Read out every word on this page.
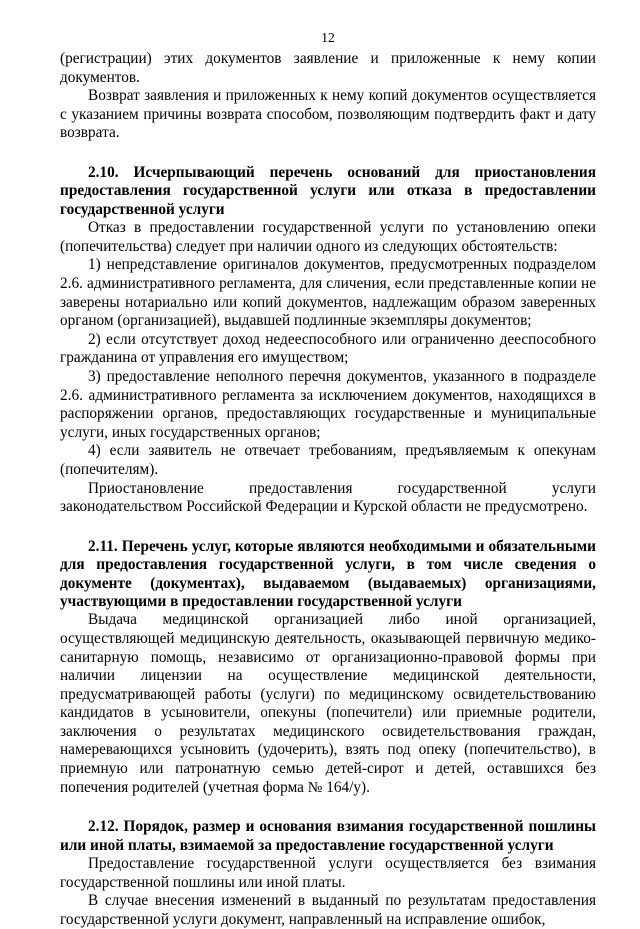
12

(регистрации) этих документов заявление и приложенные к нему копии документов.

Возврат заявления и приложенных к нему копий документов осуществляется с указанием причины возврата способом, позволяющим подтвердить факт и дату возврата.

2.10. Исчерпывающий перечень оснований для приостановления предоставления государственной услуги или отказа в предоставлении государственной услуги

Отказ в предоставлении государственной услуги по установлению опеки (попечительства) следует при наличии одного из следующих обстоятельств:

1) непредставление оригиналов документов, предусмотренных подразделом 2.6. административного регламента, для сличения, если представленные копии не заверены нотариально или копий документов, надлежащим образом заверенных органом (организацией), выдавшей подлинные экземпляры документов;

2) если отсутствует доход недееспособного или ограниченно дееспособного гражданина от управления его имуществом;

3) предоставление неполного перечня документов, указанного в подразделе 2.6. административного регламента за исключением документов, находящихся в распоряжении органов, предоставляющих государственные и муниципальные услуги, иных государственных органов;

4) если заявитель не отвечает требованиям, предъявляемым к опекунам (попечителям).

Приостановление предоставления государственной услуги

законодательством Российской Федерации и Курской области не предусмотрено.

2.11. Перечень услуг, которые являются необходимыми и обязательными для предоставления государственной услуги, в том числе сведения о документе (документах), выдаваемом (выдаваемых) организациями, участвующими в предоставлении государственной услуги

Выдача медицинской организацией либо иной организацией, осуществляющей медицинскую деятельность, оказывающей первичную медико-санитарную помощь, независимо от организационно-правовой формы при наличии лицензии на осуществление медицинской деятельности, предусматривающей работы (услуги) по медицинскому освидетельствованию кандидатов в усыновители, опекуны (попечители) или приемные родители, заключения о результатах медицинского освидетельствования граждан, намеревающихся усыновить (удочерить), взять под опеку (попечительство), в приемную или патронатную семью детей-сирот и детей, оставшихся без попечения родителей (учетная форма № 164/у).

2.12. Порядок, размер и основания взимания государственной пошлины или иной платы, взимаемой за предоставление государственной услуги

Предоставление государственной услуги осуществляется без взимания государственной пошлины или иной платы.

В случае внесения изменений в выданный по результатам предоставления государственной услуги документ, направленный на исправление ошибок,
